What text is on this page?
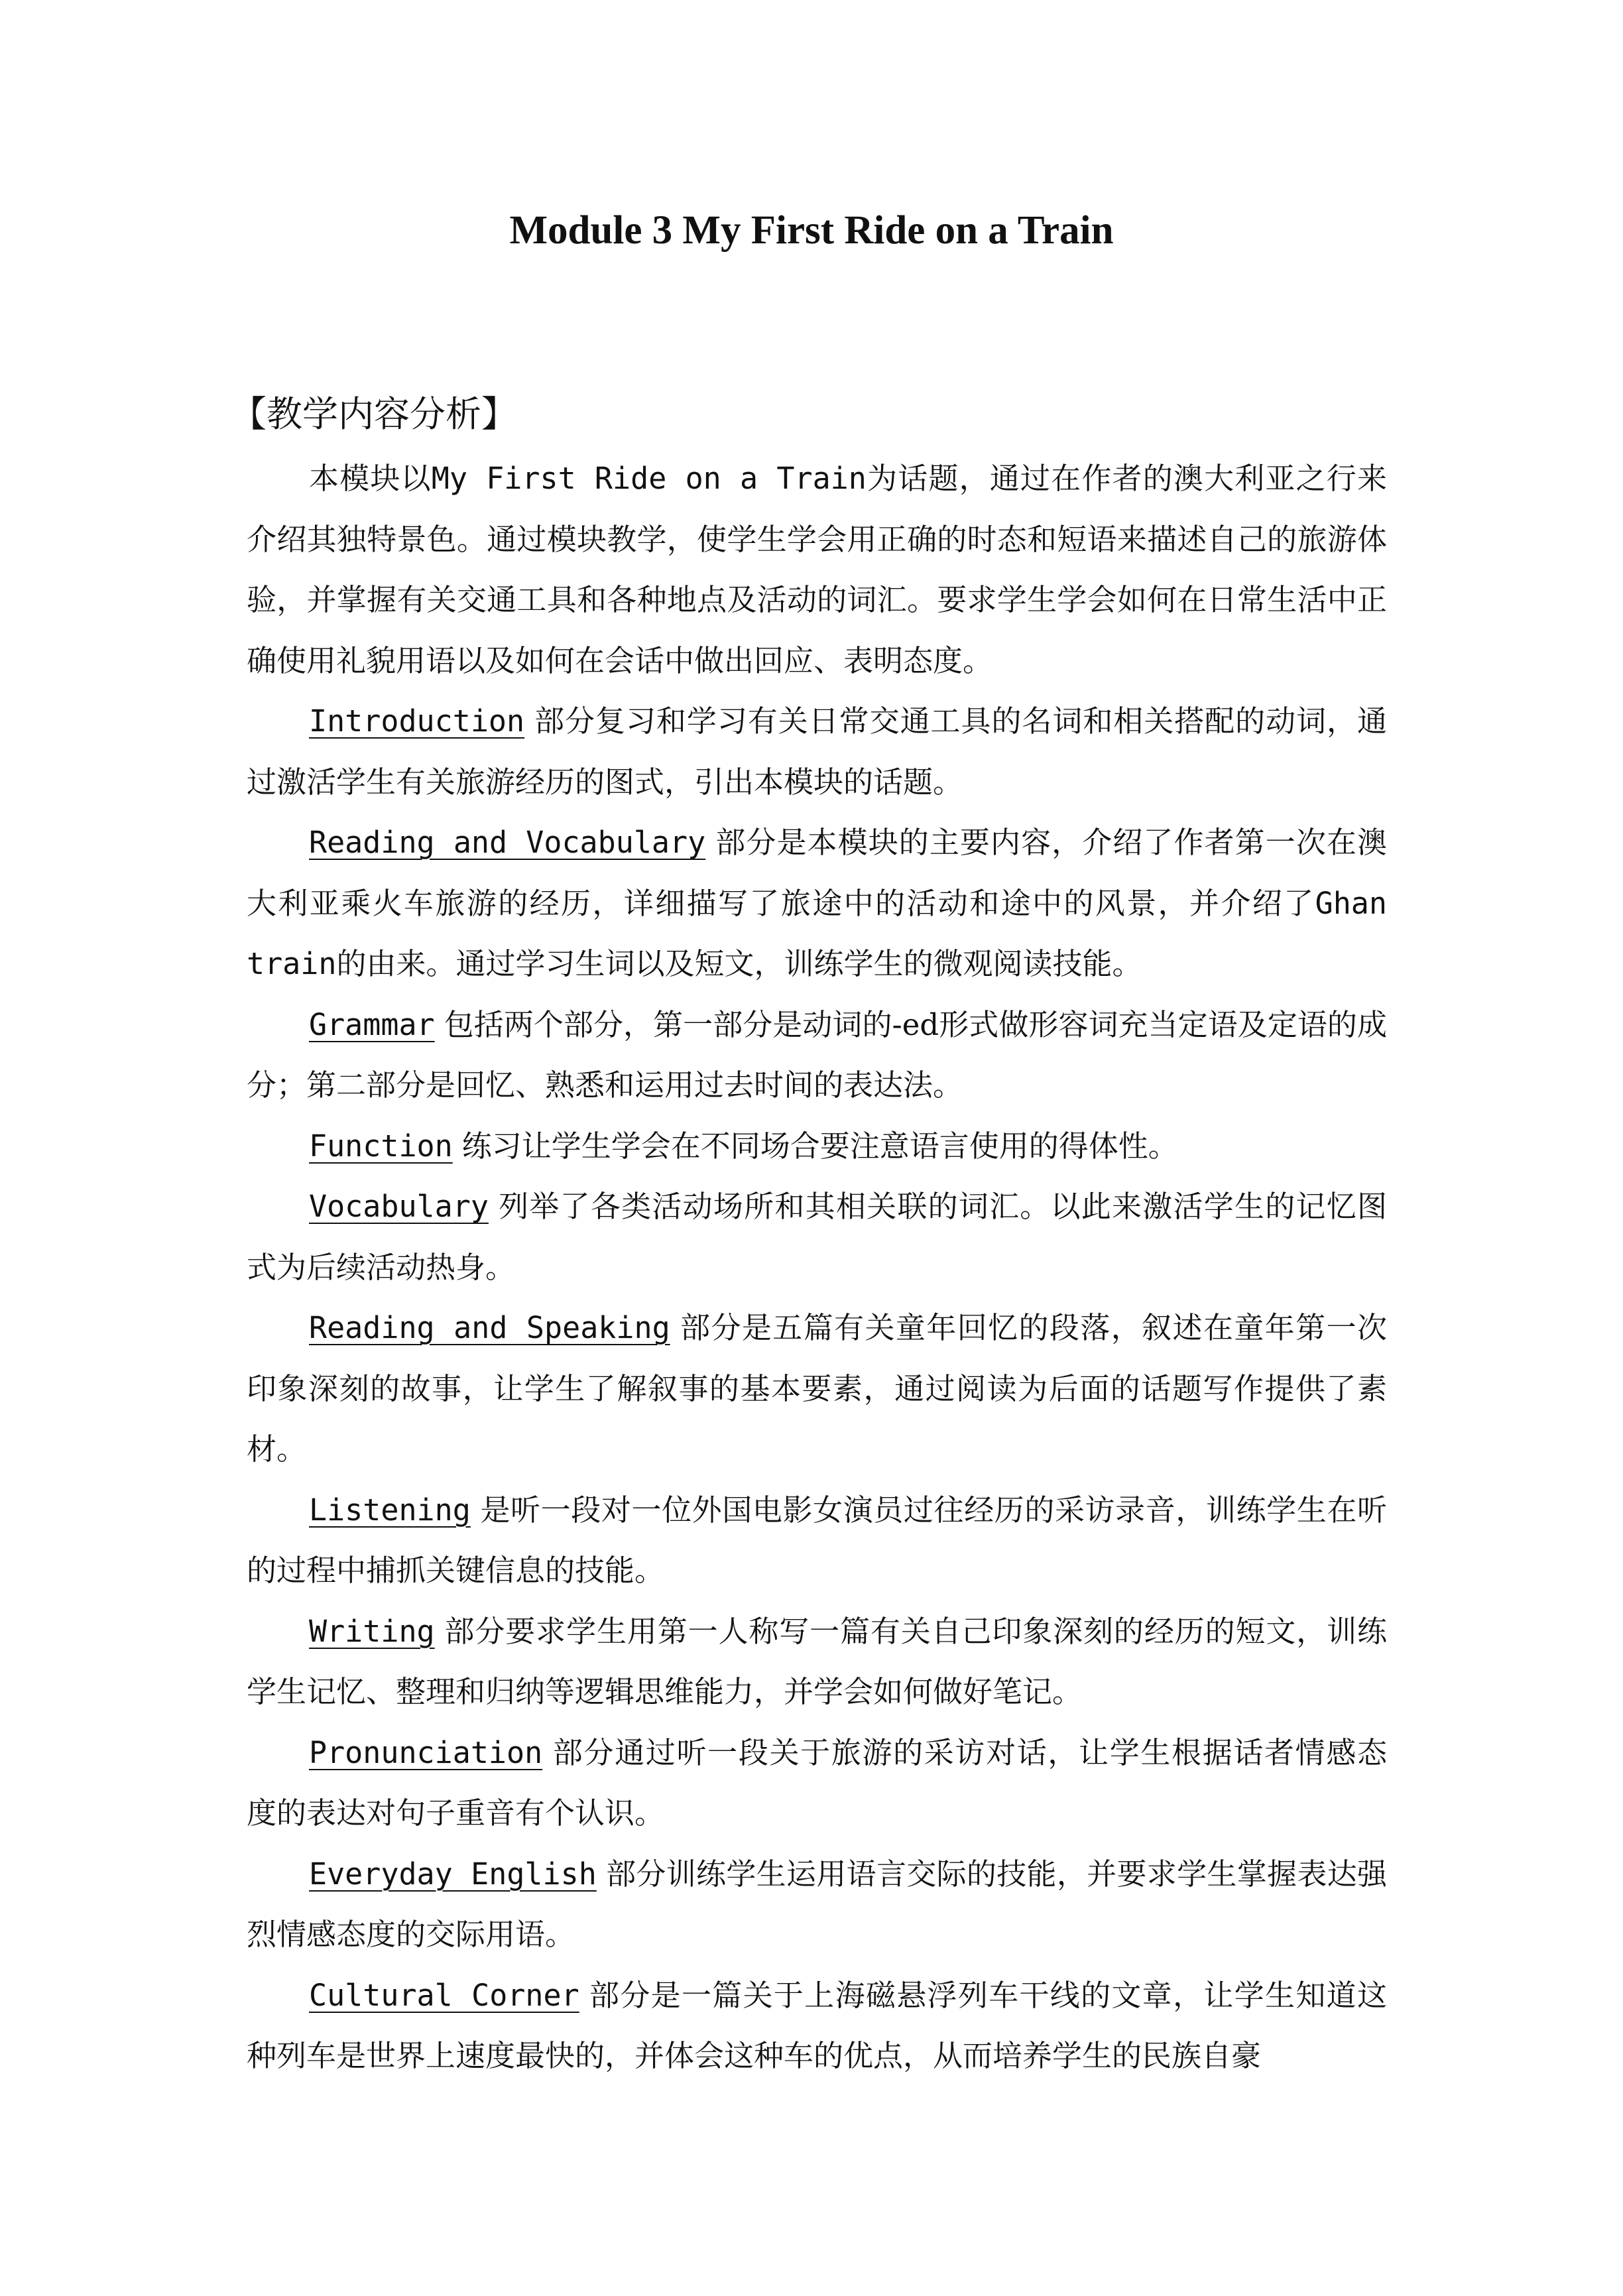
Module 3 My First Ride on a Train
【教学内容分析】

本模块以My First Ride on a Train为话题，通过在作者的澳大利亚之行来介绍其独特景色。通过模块教学，使学生学会用正确的时态和短语来描述自己的旅游体验，并掌握有关交通工具和各种地点及活动的词汇。要求学生学会如何在日常生活中正确使用礼貌用语以及如何在会话中做出回应、表明态度。

Introduction 部分复习和学习有关日常交通工具的名词和相关搭配的动词，通过激活学生有关旅游经历的图式，引出本模块的话题。

Reading and Vocabulary 部分是本模块的主要内容，介绍了作者第一次在澳大利亚乘火车旅游的经历，详细描写了旅途中的活动和途中的风景，并介绍了Ghan train的由来。通过学习生词以及短文，训练学生的微观阅读技能。

Grammar 包括两个部分，第一部分是动词的-ed形式做形容词充当定语及定语的成分；第二部分是回忆、熟悉和运用过去时间的表达法。

Function 练习让学生学会在不同场合要注意语言使用的得体性。

Vocabulary 列举了各类活动场所和其相关联的词汇。以此来激活学生的记忆图式为后续活动热身。

Reading and Speaking 部分是五篇有关童年回忆的段落，叙述在童年第一次印象深刻的故事，让学生了解叙事的基本要素，通过阅读为后面的话题写作提供了素材。

Listening 是听一段对一位外国电影女演员过往经历的采访录音，训练学生在听的过程中捕抓关键信息的技能。

Writing 部分要求学生用第一人称写一篇有关自己印象深刻的经历的短文，训练学生记忆、整理和归纳等逻辑思维能力，并学会如何做好笔记。

Pronunciation 部分通过听一段关于旅游的采访对话，让学生根据话者情感态度的表达对句子重音有个认识。

Everyday English 部分训练学生运用语言交际的技能，并要求学生掌握表达强烈情感态度的交际用语。

Cultural Corner 部分是一篇关于上海磁悬浮列车干线的文章，让学生知道这种列车是世界上速度最快的，并体会这种车的优点，从而培养学生的民族自豪
